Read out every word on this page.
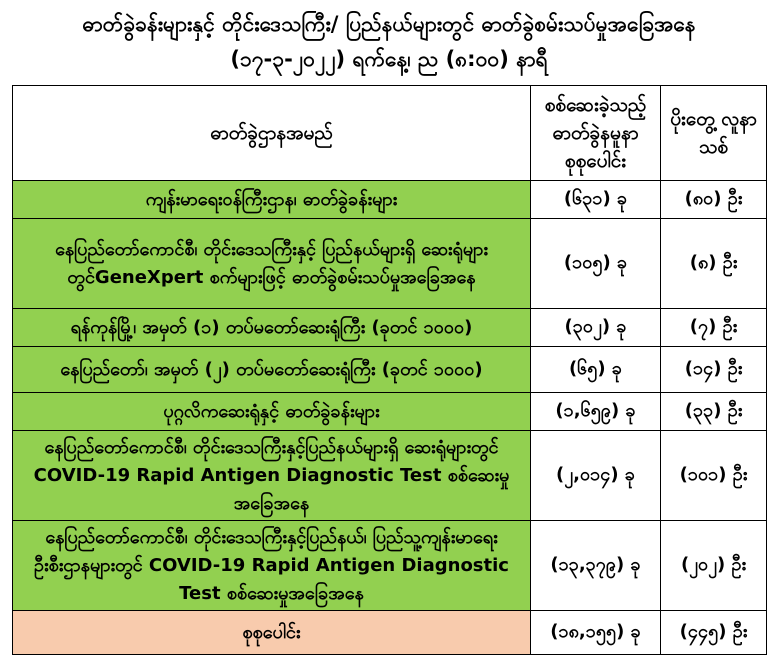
ဓာတ်ခွဲခန်းများနှင့် တိုင်းဒေသကြီး/ ပြည်နယ်များတွင် ဓာတ်ခွဲစမ်းသပ်မှုအခြေအနေ
(၁၇-၃-၂၀၂၂) ရက်နေ့၊ ည (၈:၀၀) နာရီ
ဓာတ်ခွဲဌာနအမည်	စစ်ဆေးခဲ့သည့် ဓာတ်ခွဲနမူနာ စုစုပေါင်း	ပိုးတွေ့ လူနာသစ်
ကျန်းမာရေးဝန်ကြီးဌာန၊ ဓာတ်ခွဲခန်းများ	(၆၃၁) ခု	(၈၀) ဦး
နေပြည်တော်ကောင်စီ၊ တိုင်းဒေသကြီးနှင့် ပြည်နယ်များရှိ ဆေးရုံများတွင်GeneXpert စက်များဖြင့် ဓာတ်ခွဲစမ်းသပ်မှုအခြေအနေ	(၁၀၅) ခု	(၈) ဦး
ရန်ကုန်မြို့၊ အမှတ် (၁) တပ်မတော်ဆေးရုံကြီး (ခုတင် ၁၀၀၀)	(၃၀၂) ခု	(၇) ဦး
နေပြည်တော်၊ အမှတ် (၂) တပ်မတော်ဆေးရုံကြီး (ခုတင် ၁၀၀၀)	(၆၅) ခု	(၁၄) ဦး
ပုဂ္ဂလိကဆေးရုံနှင့် ဓာတ်ခွဲခန်းများ	(၁,၆၅၉) ခု	(၃၃) ဦး
နေပြည်တော်ကောင်စီ၊ တိုင်းဒေသကြီးနှင့်ပြည်နယ်များရှိ ဆေးရုံများတွင် COVID-19 Rapid Antigen Diagnostic Test စစ်ဆေးမှုအခြေအနေ	(၂,၀၁၄) ခု	(၁၀၁) ဦး
နေပြည်တော်ကောင်စီ၊ တိုင်းဒေသကြီးနှင့်ပြည်နယ်၊ ပြည်သူ့ကျန်းမာရေးဦးစီးဌာနများတွင် COVID-19 Rapid Antigen Diagnostic Test စစ်ဆေးမှုအခြေအနေ	(၁၃,၃၇၉) ခု	(၂၀၂) ဦး
စုစုပေါင်း	(၁၈,၁၅၅) ခု	(၄၄၅) ဦး
